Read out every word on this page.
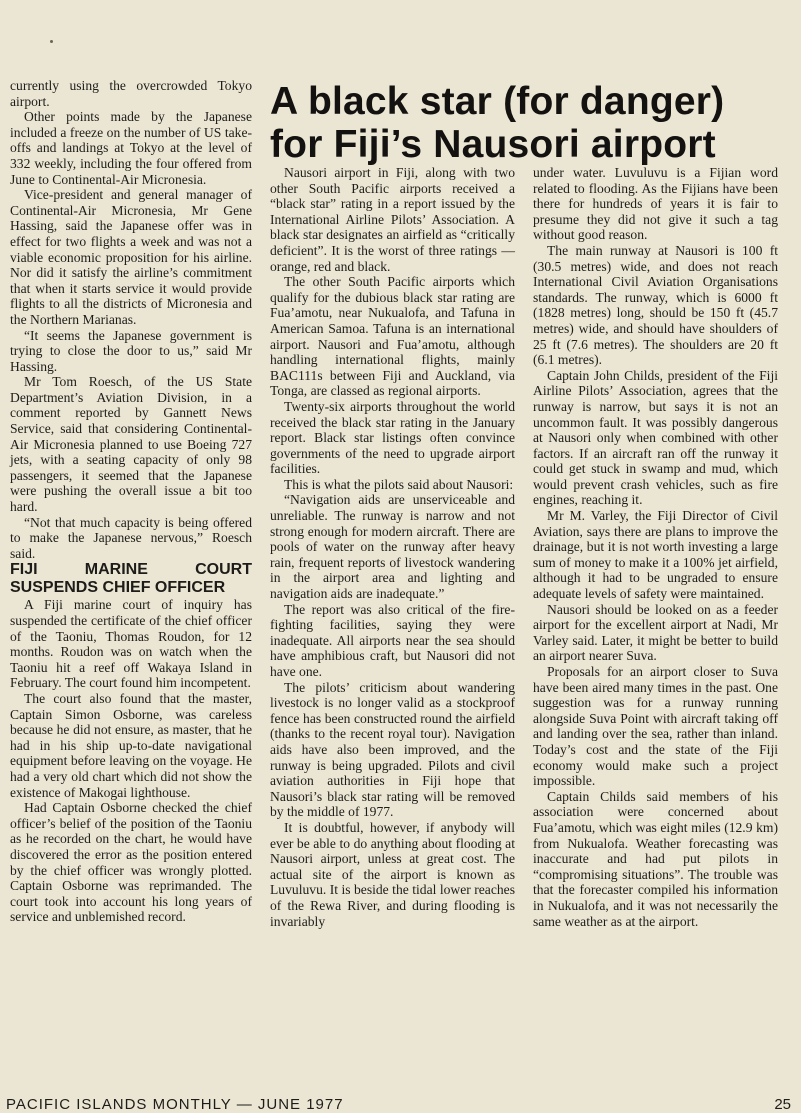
A black star (for danger)
for Fiji’s Nausori airport

currently using the overcrowded Tokyo airport.

Other points made by the Japanese included a freeze on the number of US take-offs and landings at Tokyo at the level of 332 weekly, including the four offered from June to Continental-Air Micronesia.

Vice-president and general manager of Continental-Air Micronesia, Mr Gene Hassing, said the Japanese offer was in effect for two flights a week and was not a viable economic proposition for his airline. Nor did it satisfy the airline’s commitment that when it starts service it would provide flights to all the districts of Micronesia and the Northern Marianas.

“It seems the Japanese government is trying to close the door to us,” said Mr Hassing.

Mr Tom Roesch, of the US State Department’s Aviation Division, in a comment reported by Gannett News Service, said that considering Continental-Air Micronesia planned to use Boeing 727 jets, with a seating capacity of only 98 passengers, it seemed that the Japanese were pushing the overall issue a bit too hard.

“Not that much capacity is being offered to make the Japanese nervous,” Roesch said.

FIJI MARINE COURT SUSPENDS CHIEF OFFICER

A Fiji marine court of inquiry has suspended the certificate of the chief officer of the Taoniu, Thomas Roudon, for 12 months. Roudon was on watch when the Taoniu hit a reef off Wakaya Island in February. The court found him incompetent.

The court also found that the master, Captain Simon Osborne, was careless because he did not ensure, as master, that he had in his ship up-to-date navigational equipment before leaving on the voyage. He had a very old chart which did not show the existence of Makogai lighthouse.

Had Captain Osborne checked the chief officer’s belief of the position of the Taoniu as he recorded on the chart, he would have discovered the error as the position entered by the chief officer was wrongly plotted. Captain Osborne was reprimanded. The court took into account his long years of service and unblemished record.

Nausori airport in Fiji, along with two other South Pacific airports received a “black star” rating in a report issued by the International Airline Pilots’ Association. A black star designates an airfield as “critically deficient”. It is the worst of three ratings — orange, red and black.

The other South Pacific airports which qualify for the dubious black star rating are Fua’amotu, near Nukualofa, and Tafuna in American Samoa. Tafuna is an international airport. Nausori and Fua’amotu, although handling international flights, mainly BAC111s between Fiji and Auckland, via Tonga, are classed as regional airports.

Twenty-six airports throughout the world received the black star rating in the January report. Black star listings often convince governments of the need to upgrade airport facilities.

This is what the pilots said about Nausori:

“Navigation aids are unserviceable and unreliable. The runway is narrow and not strong enough for modern aircraft. There are pools of water on the runway after heavy rain, frequent reports of livestock wandering in the airport area and lighting and navigation aids are inadequate.”

The report was also critical of the fire-fighting facilities, saying they were inadequate. All airports near the sea should have amphibious craft, but Nausori did not have one.

The pilots’ criticism about wandering livestock is no longer valid as a stockproof fence has been constructed round the airfield (thanks to the recent royal tour). Navigation aids have also been improved, and the runway is being upgraded. Pilots and civil aviation authorities in Fiji hope that Nausori’s black star rating will be removed by the middle of 1977.

It is doubtful, however, if anybody will ever be able to do anything about flooding at Nausori airport, unless at great cost. The actual site of the airport is known as Luvuluvu. It is beside the tidal lower reaches of the Rewa River, and during flooding is invariably

under water. Luvuluvu is a Fijian word related to flooding. As the Fijians have been there for hundreds of years it is fair to presume they did not give it such a tag without good reason.

The main runway at Nausori is 100 ft (30.5 metres) wide, and does not reach International Civil Aviation Organisations standards. The runway, which is 6000 ft (1828 metres) long, should be 150 ft (45.7 metres) wide, and should have shoulders of 25 ft (7.6 metres). The shoulders are 20 ft (6.1 metres).

Captain John Childs, president of the Fiji Airline Pilots’ Association, agrees that the runway is narrow, but says it is not an uncommon fault. It was possibly dangerous at Nausori only when combined with other factors. If an aircraft ran off the runway it could get stuck in swamp and mud, which would prevent crash vehicles, such as fire engines, reaching it.

Mr M. Varley, the Fiji Director of Civil Aviation, says there are plans to improve the drainage, but it is not worth investing a large sum of money to make it a 100% jet airfield, although it had to be ungraded to ensure adequate levels of safety were maintained.

Nausori should be looked on as a feeder airport for the excellent airport at Nadi, Mr Varley said. Later, it might be better to build an airport nearer Suva.

Proposals for an airport closer to Suva have been aired many times in the past. One suggestion was for a runway running alongside Suva Point with aircraft taking off and landing over the sea, rather than inland. Today’s cost and the state of the Fiji economy would make such a project impossible.

Captain Childs said members of his association were concerned about Fua’amotu, which was eight miles (12.9 km) from Nukualofa. Weather forecasting was inaccurate and had put pilots in “compromising situations”. The trouble was that the forecaster compiled his information in Nukualofa, and it was not necessarily the same weather as at the airport.

PACIFIC ISLANDS MONTHLY — JUNE 1977	25
